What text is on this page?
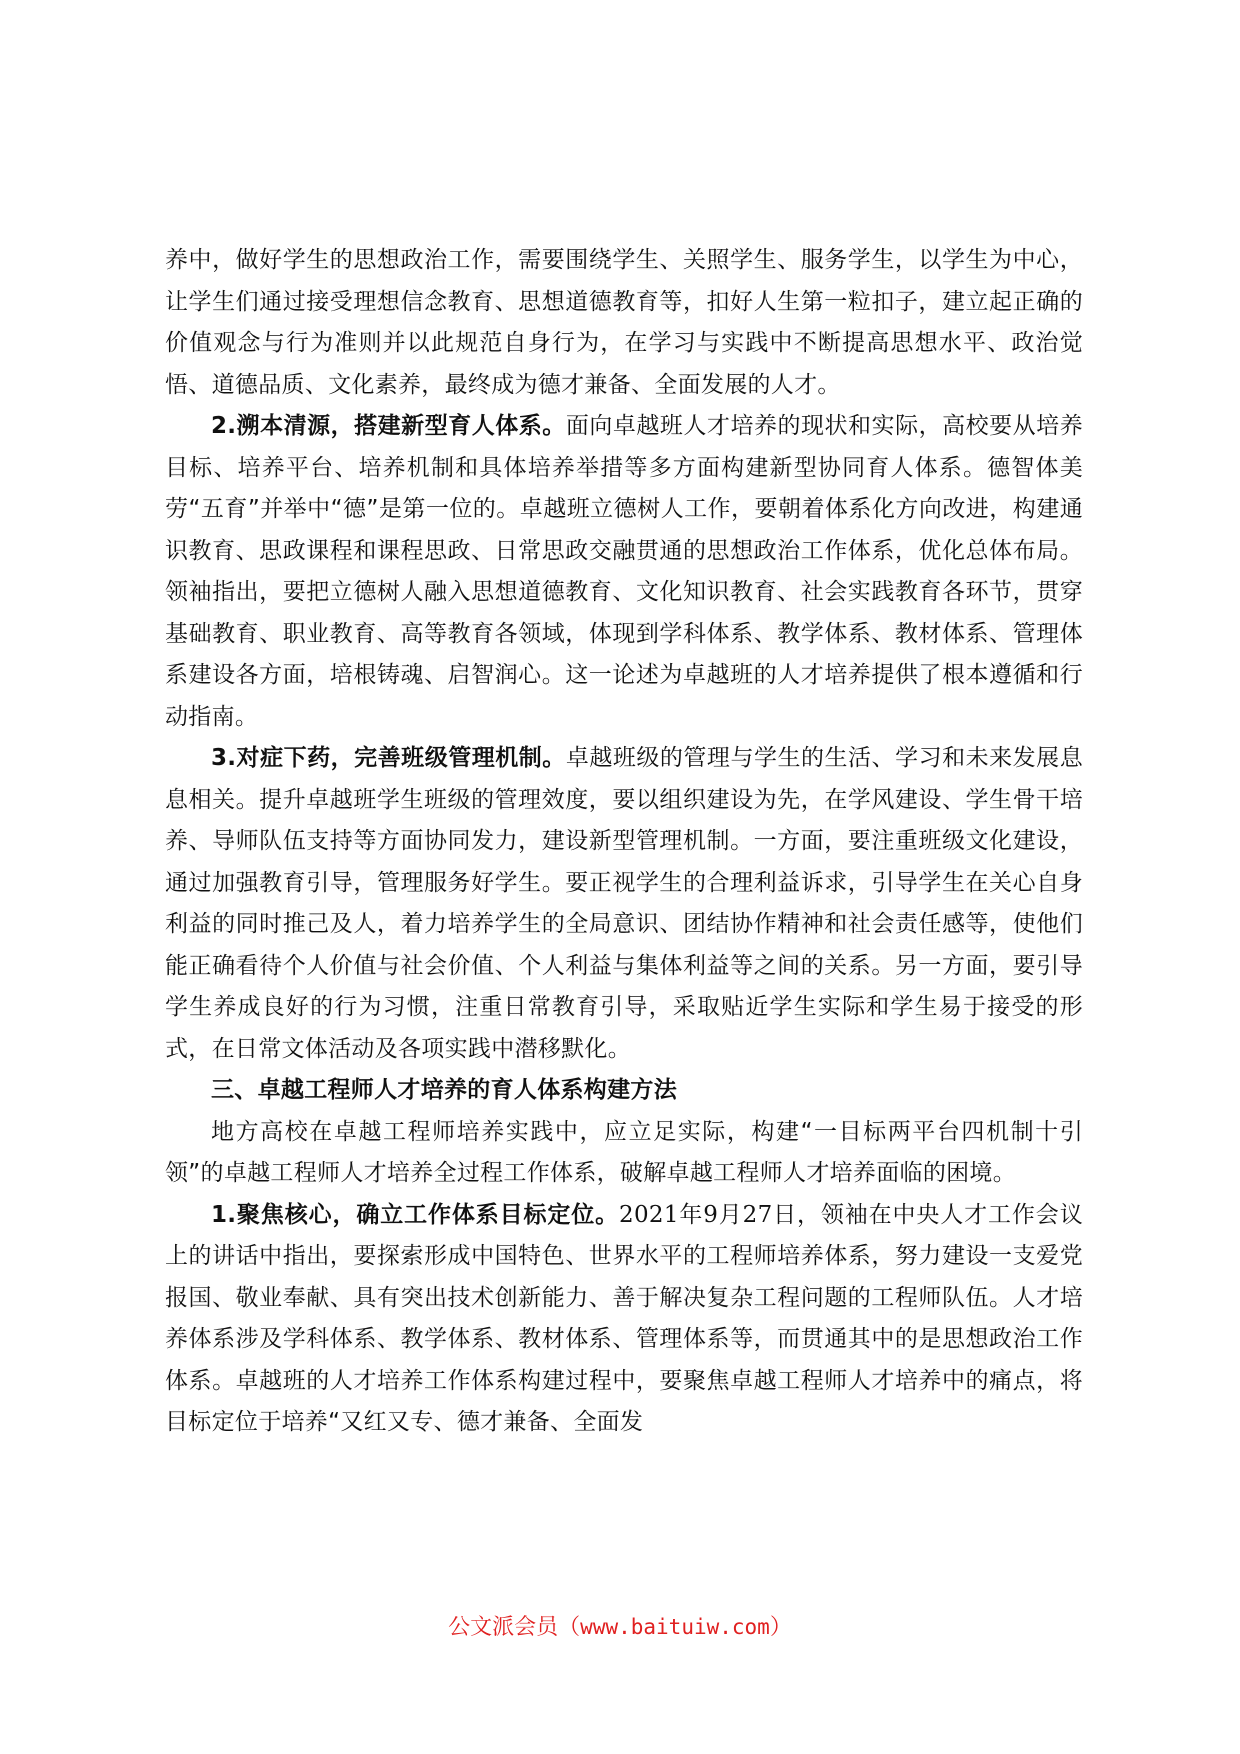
养中，做好学生的思想政治工作，需要围绕学生、关照学生、服务学生，以学生为中心，让学生们通过接受理想信念教育、思想道德教育等，扣好人生第一粒扣子，建立起正确的价值观念与行为准则并以此规范自身行为，在学习与实践中不断提高思想水平、政治觉悟、道德品质、文化素养，最终成为德才兼备、全面发展的人才。

2.溯本清源，搭建新型育人体系。面向卓越班人才培养的现状和实际，高校要从培养目标、培养平台、培养机制和具体培养举措等多方面构建新型协同育人体系。德智体美劳“五育”并举中“德”是第一位的。卓越班立德树人工作，要朝着体系化方向改进，构建通识教育、思政课程和课程思政、日常思政交融贯通的思想政治工作体系，优化总体布局。领袖指出，要把立德树人融入思想道德教育、文化知识教育、社会实践教育各环节，贯穿基础教育、职业教育、高等教育各领域，体现到学科体系、教学体系、教材体系、管理体系建设各方面，培根铸魂、启智润心。这一论述为卓越班的人才培养提供了根本遵循和行动指南。

3.对症下药，完善班级管理机制。卓越班级的管理与学生的生活、学习和未来发展息息相关。提升卓越班学生班级的管理效度，要以组织建设为先，在学风建设、学生骨干培养、导师队伍支持等方面协同发力，建设新型管理机制。一方面，要注重班级文化建设，通过加强教育引导，管理服务好学生。要正视学生的合理利益诉求，引导学生在关心自身利益的同时推己及人，着力培养学生的全局意识、团结协作精神和社会责任感等，使他们能正确看待个人价值与社会价值、个人利益与集体利益等之间的关系。另一方面，要引导学生养成良好的行为习惯，注重日常教育引导，采取贴近学生实际和学生易于接受的形式，在日常文体活动及各项实践中潜移默化。

三、卓越工程师人才培养的育人体系构建方法

地方高校在卓越工程师培养实践中，应立足实际，构建“一目标两平台四机制十引领”的卓越工程师人才培养全过程工作体系，破解卓越工程师人才培养面临的困境。

1.聚焦核心，确立工作体系目标定位。2021年9月27日，领袖在中央人才工作会议上的讲话中指出，要探索形成中国特色、世界水平的工程师培养体系，努力建设一支爱党报国、敬业奉献、具有突出技术创新能力、善于解决复杂工程问题的工程师队伍。人才培养体系涉及学科体系、教学体系、教材体系、管理体系等，而贯通其中的是思想政治工作体系。卓越班的人才培养工作体系构建过程中，要聚焦卓越工程师人才培养中的痛点，将目标定位于培养“又红又专、德才兼备、全面发

公文派会员（www.baituiw.com）
